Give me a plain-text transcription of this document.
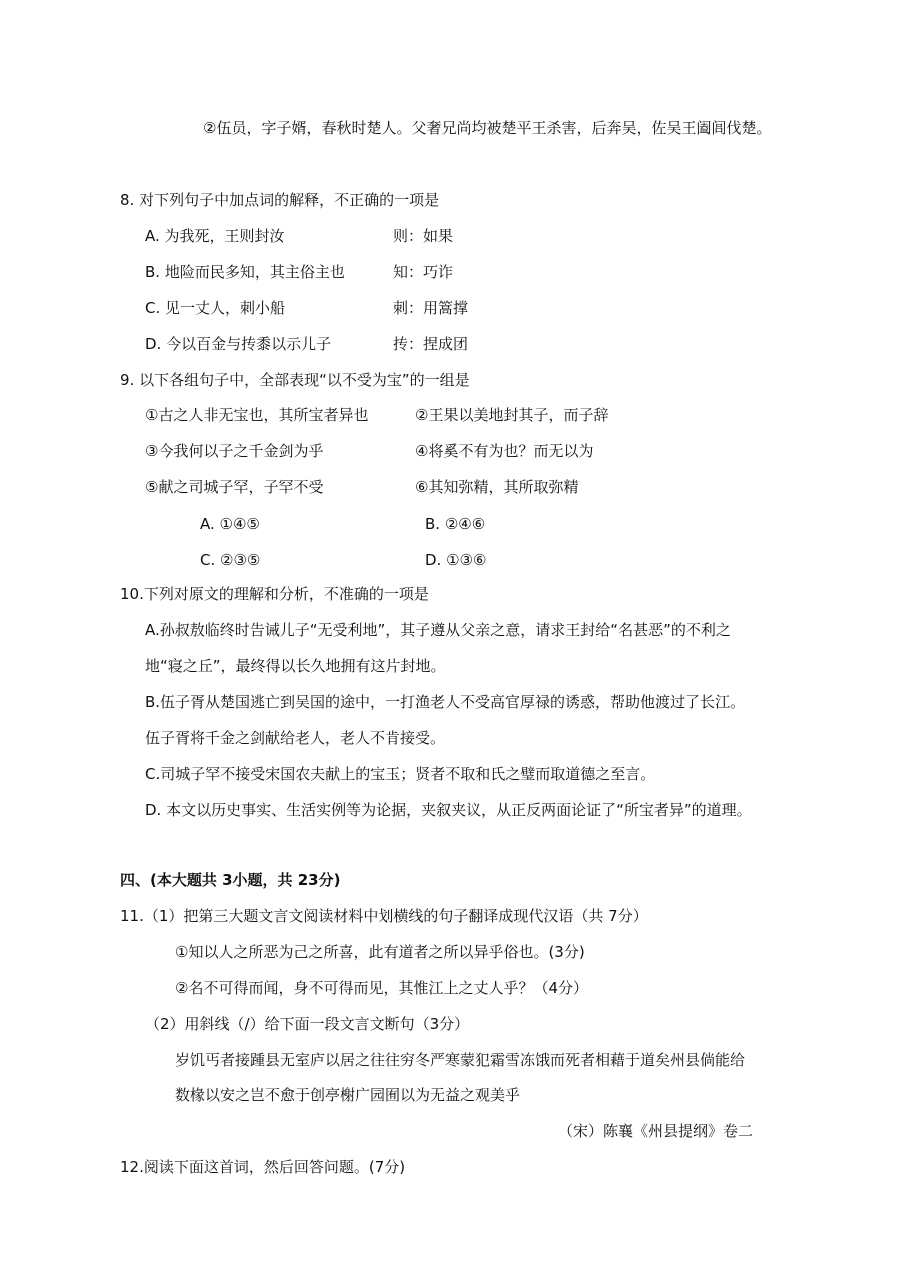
②伍员，字子婿，春秋时楚人。父奢兄尚均被楚平王杀害，后奔吴，佐吴王阖闾伐楚。
8. 对下列句子中加点词的解释，不正确的一项是
A. 为我死，王则封汝	则：如果
B. 地险而民多知，其主俗主也	知：巧诈
C. 见一丈人，刺小船	刺：用篙撑
D. 今以百金与抟黍以示儿子	抟：捏成团
9. 以下各组句子中，全部表现“以不受为宝”的一组是
①古之人非无宝也，其所宝者异也	②王果以美地封其子，而子辞
③今我何以子之千金剑为乎	④将奚不有为也？而无以为
⑤献之司城子罕，子罕不受	⑥其知弥精，其所取弥精
A. ①④⑤	B. ②④⑥
C. ②③⑤	D. ①③⑥
10.下列对原文的理解和分析，不准确的一项是
A.孙叔敖临终时告诫儿子“无受利地”，其子遵从父亲之意，请求王封给“名甚恶”的不利之
地“寝之丘”，最终得以长久地拥有这片封地。
B.伍子胥从楚国逃亡到吴国的途中，一打渔老人不受高官厚禄的诱惑，帮助他渡过了长江。
伍子胥将千金之剑献给老人，老人不肯接受。
C.司城子罕不接受宋国农夫献上的宝玉；贤者不取和氏之璧而取道德之至言。
D. 本文以历史事实、生活实例等为论据，夹叙夹议，从正反两面论证了“所宝者异”的道理。
四、(本大题共 3小题，共 23分)
11.（1）把第三大题文言文阅读材料中划横线的句子翻译成现代汉语（共 7分）
①知以人之所恶为己之所喜，此有道者之所以异乎俗也。(3分)
②名不可得而闻，身不可得而见，其惟江上之丈人乎？（4分）
（2）用斜线（/）给下面一段文言文断句（3分）
岁饥丐者接踵县无室庐以居之往往穷冬严寒蒙犯霜雪冻饿而死者相藉于道矣州县倘能给
数椽以安之岂不愈于创亭榭广园囿以为无益之观美乎
（宋）陈襄《州县提纲》卷二
12.阅读下面这首词，然后回答问题。(7分)
